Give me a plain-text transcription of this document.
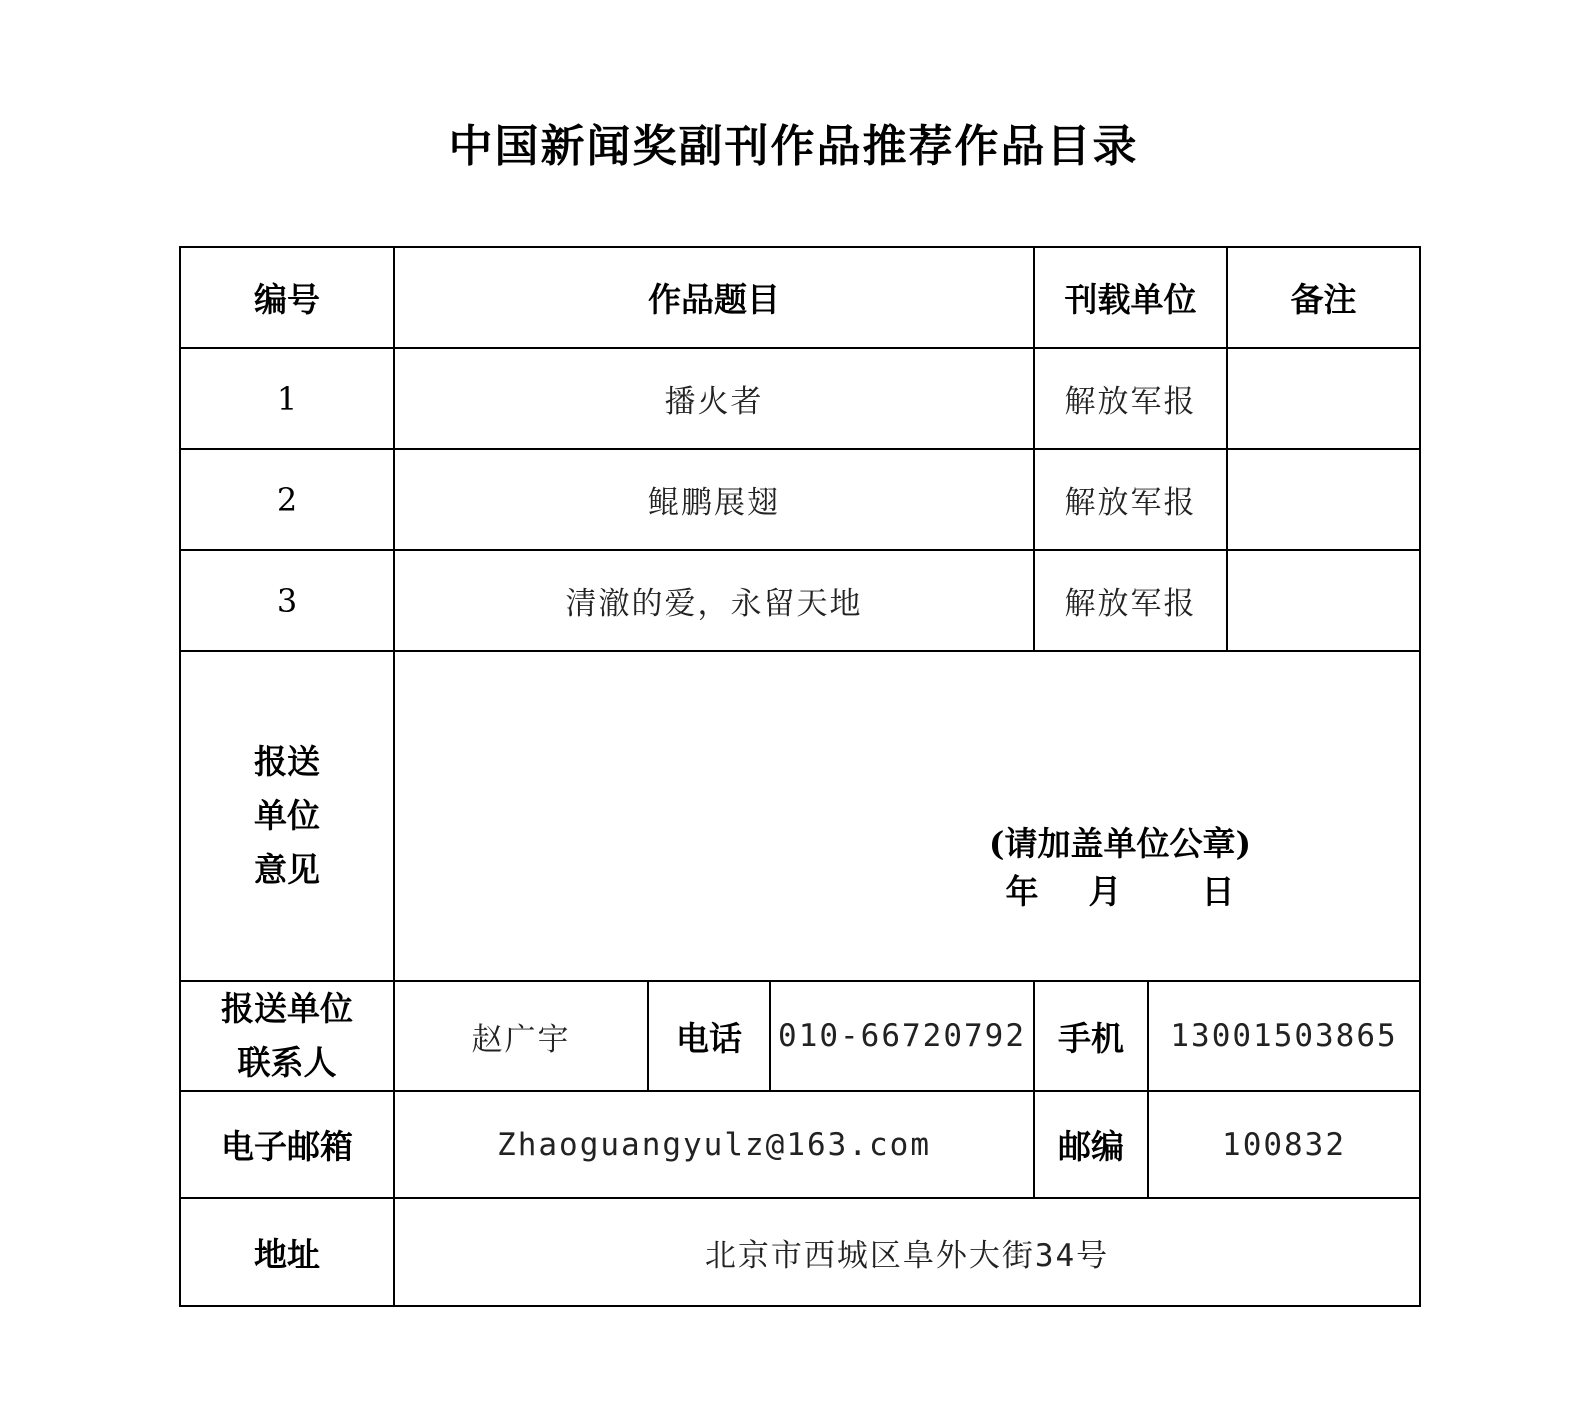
中国新闻奖副刊作品推荐作品目录
编号	作品题目			刊载单位		备注
1	播火者			解放军报		
2	鲲鹏展翅			解放军报		
3	清澈的爱，永留天地			解放军报		

报送
单位
意见	(请加盖单位公章)
年 月 日					

报送单位
联系人	赵广宇	电话	010-66720792	手机	13001503865	
电子邮箱	Zhaoguangyulz@163.com			邮编	100832	
地址	北京市西城区阜外大街34号					
